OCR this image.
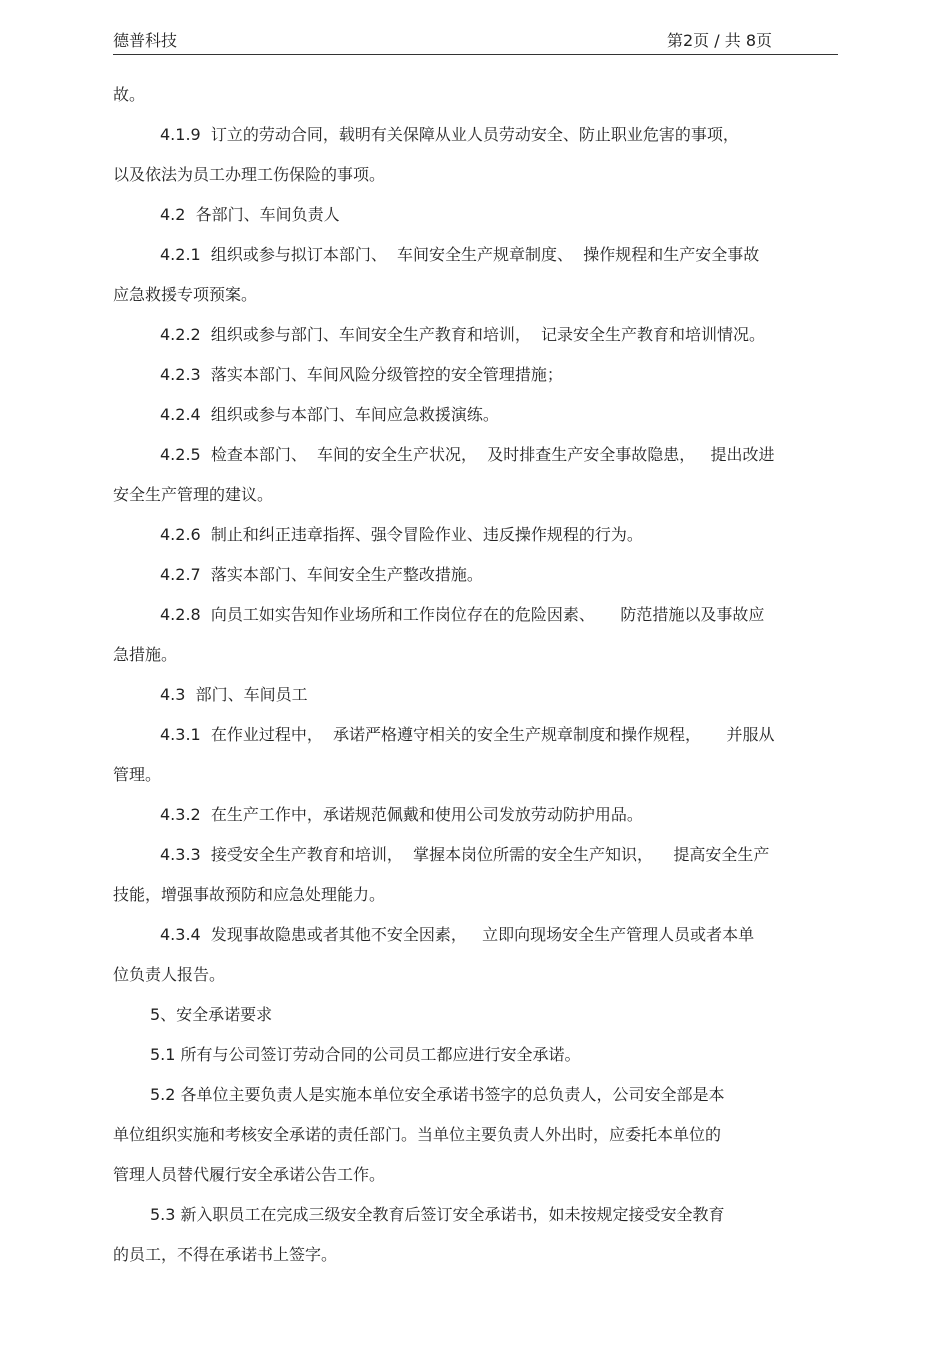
德普科技	第2页 / 共 8页
故。
4.1.9  订立的劳动合同，载明有关保障从业人员劳动安全、防止职业危害的事项，
以及依法为员工办理工伤保险的事项。
4.2  各部门、车间负责人
4.2.1  组织或参与拟订本部门、  车间安全生产规章制度、  操作规程和生产安全事故
应急救援专项预案。
4.2.2  组织或参与部门、车间安全生产教育和培训，  记录安全生产教育和培训情况。
4.2.3  落实本部门、车间风险分级管控的安全管理措施；
4.2.4  组织或参与本部门、车间应急救援演练。
4.2.5  检查本部门、  车间的安全生产状况，  及时排查生产安全事故隐患，   提出改进
安全生产管理的建议。
4.2.6  制止和纠正违章指挥、强令冒险作业、违反操作规程的行为。
4.2.7  落实本部门、车间安全生产整改措施。
4.2.8  向员工如实告知作业场所和工作岗位存在的危险因素、     防范措施以及事故应
急措施。
4.3  部门、车间员工
4.3.1  在作业过程中，  承诺严格遵守相关的安全生产规章制度和操作规程，     并服从
管理。
4.3.2  在生产工作中，承诺规范佩戴和使用公司发放劳动防护用品。
4.3.3  接受安全生产教育和培训，  掌握本岗位所需的安全生产知识，    提高安全生产
技能，增强事故预防和应急处理能力。
4.3.4  发现事故隐患或者其他不安全因素，   立即向现场安全生产管理人员或者本单
位负责人报告。
5、安全承诺要求
5.1 所有与公司签订劳动合同的公司员工都应进行安全承诺。
5.2 各单位主要负责人是实施本单位安全承诺书签字的总负责人，公司安全部是本
单位组织实施和考核安全承诺的责任部门。当单位主要负责人外出时，应委托本单位的
管理人员替代履行安全承诺公告工作。
5.3 新入职员工在完成三级安全教育后签订安全承诺书，如未按规定接受安全教育
的员工，不得在承诺书上签字。
